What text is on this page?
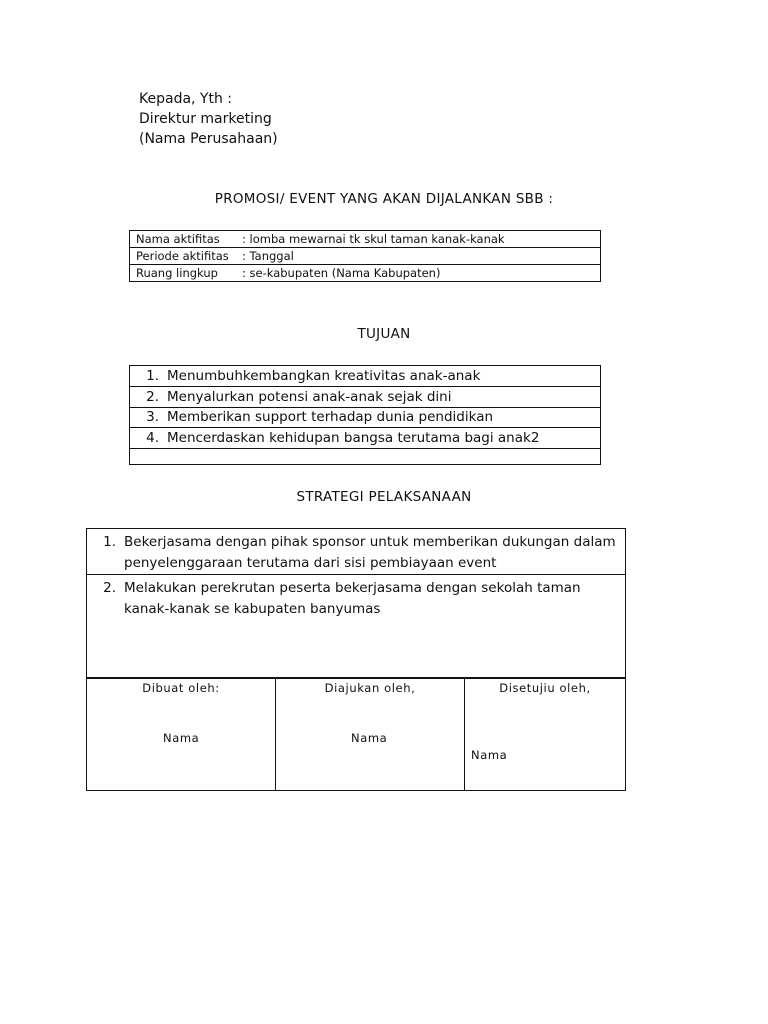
Kepada, Yth :
Direktur marketing
(Nama Perusahaan)
PROMOSI/ EVENT YANG AKAN DIJALANKAN SBB :
Nama aktifitas : lomba mewarnai tk skul taman kanak-kanak
Periode aktifitas : Tanggal
Ruang lingkup : se-kabupaten (Nama Kabupaten)
TUJUAN
1. Menumbuhkembangkan kreativitas anak-anak
2. Menyalurkan potensi anak-anak sejak dini
3. Memberikan support terhadap dunia pendidikan
4. Mencerdaskan kehidupan bangsa terutama bagi anak2

STRATEGI PELAKSANAAN
1. Bekerjasama dengan pihak sponsor untuk memberikan dukungan dalam penyelenggaraan terutama dari sisi pembiayaan event

2. Melakukan perekrutan peserta bekerjasama dengan sekolah taman kanak-kanak se kabupaten banyumas
Dibuat oleh:
Nama

Diajukan oleh,
Nama

Disetujiu oleh,
Nama
